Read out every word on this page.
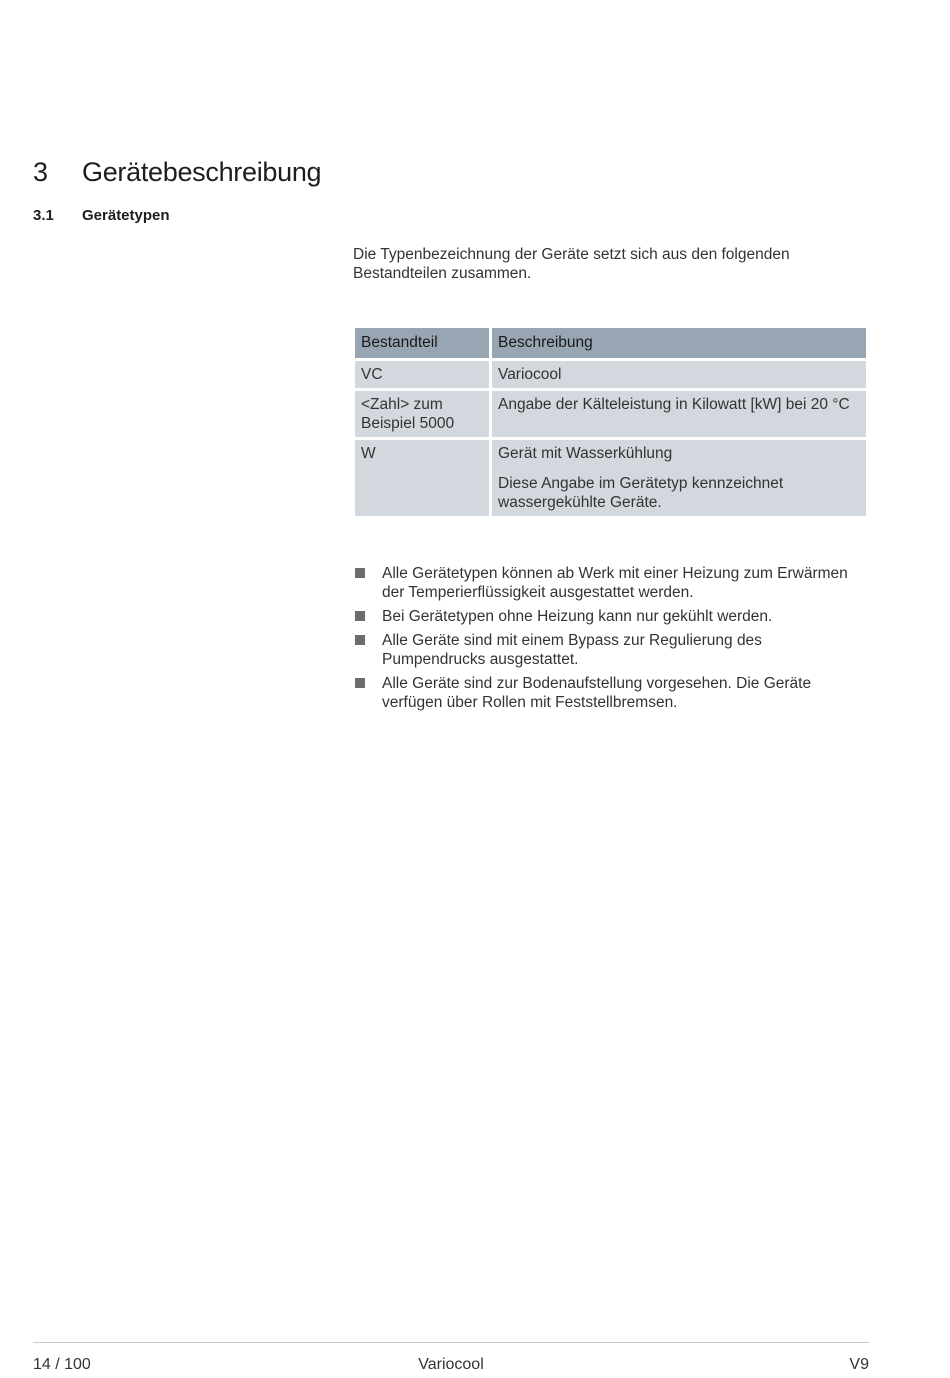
3 Gerätebeschreibung
3.1 Gerätetypen
Die Typenbezeichnung der Geräte setzt sich aus den folgenden Bestandteilen zusammen.
Bestandteil	Beschreibung
VC	Variocool

<Zahl> zum Beispiel 5000	Angabe der Kälteleistung in Kilowatt [kW] bei 20 °C

W	Gerät mit Wasserkühlung

Diese Angabe im Gerätetyp kennzeichnet wassergekühlte Geräte.

Alle Gerätetypen können ab Werk mit einer Heizung zum Erwärmen der Temperierflüssigkeit ausgestattet werden.
Bei Gerätetypen ohne Heizung kann nur gekühlt werden.
Alle Geräte sind mit einem Bypass zur Regulierung des Pumpendrucks ausgestattet.
Alle Geräte sind zur Bodenaufstellung vorgesehen. Die Geräte verfügen über Rollen mit Feststellbremsen.
14 / 100	Variocool	V9
